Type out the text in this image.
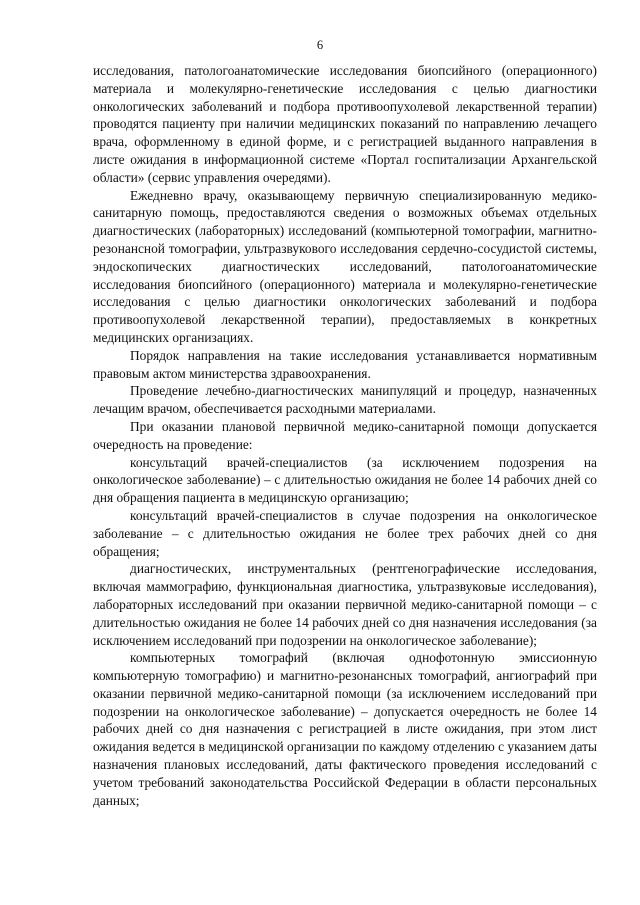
6

исследования, патологоанатомические исследования биопсийного (операционного) материала и молекулярно-генетические исследования с целью диагностики онкологических заболеваний и подбора противоопухолевой лекарственной терапии) проводятся пациенту при наличии медицинских показаний по направлению лечащего врача, оформленному в единой форме, и с регистрацией выданного направления в листе ожидания в информационной системе «Портал госпитализации Архангельской области» (сервис управления очередями).

Ежедневно врачу, оказывающему первичную специализированную медико-санитарную помощь, предоставляются сведения о возможных объемах отдельных диагностических (лабораторных) исследований (компьютерной томографии, магнитно-резонансной томографии, ультразвукового исследования сердечно-сосудистой системы, эндоскопических диагностических исследований, патологоанатомические исследования биопсийного (операционного) материала и молекулярно-генетические исследования с целью диагностики онкологических заболеваний и подбора противоопухолевой лекарственной терапии), предоставляемых в конкретных медицинских организациях.

Порядок направления на такие исследования устанавливается нормативным правовым актом министерства здравоохранения.

Проведение лечебно-диагностических манипуляций и процедур, назначенных лечащим врачом, обеспечивается расходными материалами.

При оказании плановой первичной медико-санитарной помощи допускается очередность на проведение:

консультаций врачей-специалистов (за исключением подозрения на онкологическое заболевание) – с длительностью ожидания не более 14 рабочих дней со дня обращения пациента в медицинскую организацию;

консультаций врачей-специалистов в случае подозрения на онкологическое заболевание – с длительностью ожидания не более трех рабочих дней со дня обращения;

диагностических, инструментальных (рентгенографические исследования, включая маммографию, функциональная диагностика, ультразвуковые исследования), лабораторных исследований при оказании первичной медико-санитарной помощи – с длительностью ожидания не более 14 рабочих дней со дня назначения исследования (за исключением исследований при подозрении на онкологическое заболевание);

компьютерных томографий (включая однофотонную эмиссионную компьютерную томографию) и магнитно-резонансных томографий, ангиографий при оказании первичной медико-санитарной помощи (за исключением исследований при подозрении на онкологическое заболевание) – допускается очередность не более 14 рабочих дней со дня назначения с регистрацией в листе ожидания, при этом лист ожидания ведется в медицинской организации по каждому отделению с указанием даты назначения плановых исследований, даты фактического проведения исследований с учетом требований законодательства Российской Федерации в области персональных данных;
